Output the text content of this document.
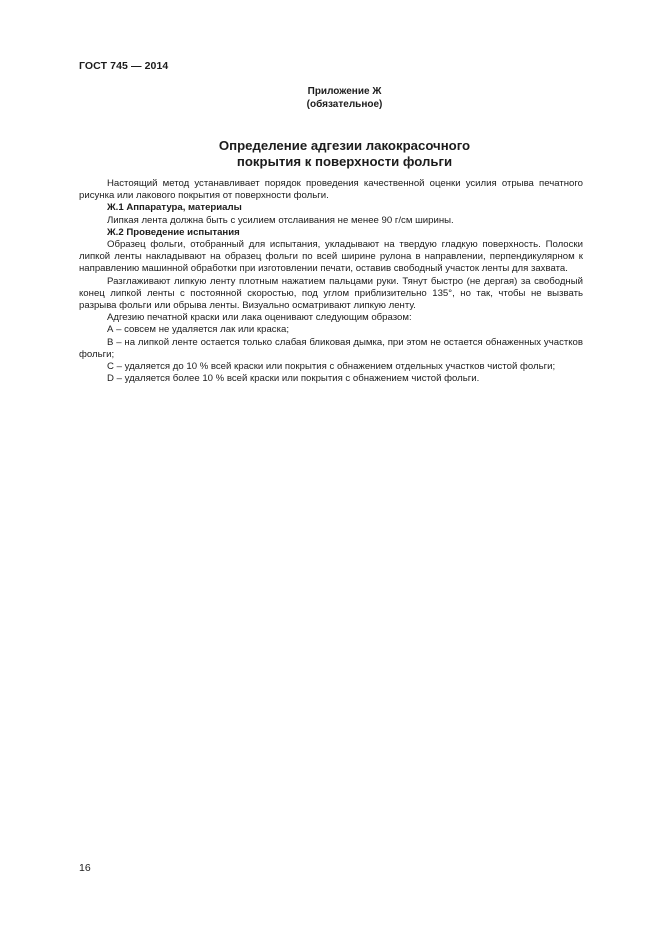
ГОСТ 745 — 2014
Приложение Ж
(обязательное)
Определение адгезии лакокрасочного
покрытия к поверхности фольги

Настоящий метод устанавливает порядок проведения качественной оценки усилия отрыва печатного рисунка или лакового покрытия от поверхности фольги.

Ж.1 Аппаратура, материалы

Липкая лента должна быть с усилием отслаивания не менее 90 г/см ширины.

Ж.2 Проведение испытания

Образец фольги, отобранный для испытания, укладывают на твердую гладкую поверхность. Полоски липкой ленты накладывают на образец фольги по всей ширине рулона в направлении, перпендикулярном к направлению машинной обработки при изготовлении печати, оставив свободный участок ленты для захвата.

Разглаживают липкую ленту плотным нажатием пальцами руки. Тянут быстро (не дергая) за свободный конец липкой ленты с постоянной скоростью, под углом приблизительно 135°, но так, чтобы не вызвать разрыва фольги или обрыва ленты. Визуально осматривают липкую ленту.

Адгезию печатной краски или лака оценивают следующим образом:

А – совсем не удаляется лак или краска;

В – на липкой ленте остается только слабая бликовая дымка, при этом не остается обнаженных участков фольги;

С – удаляется до 10 % всей краски или покрытия с обнажением отдельных участков чистой фольги;

D – удаляется более 10 % всей краски или покрытия с обнажением чистой фольги.

16
